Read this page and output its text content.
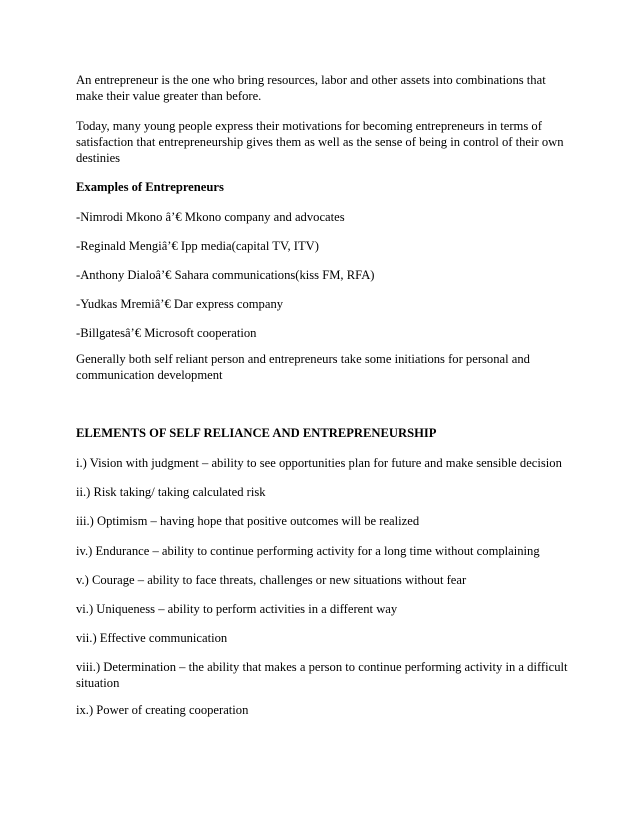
An entrepreneur is the one who bring resources, labor and other assets into combinations that make their value greater than before.

Today, many young people express their motivations for becoming entrepreneurs in terms of satisfaction that entrepreneurship gives them as well as the sense of being in control of their own destinies

Examples of Entrepreneurs

-Nimrodi Mkono â’€ Mkono company and advocates

-Reginald Mengiâ’€ Ipp media(capital TV, ITV)

-Anthony Dialoâ’€ Sahara communications(kiss FM, RFA)

-Yudkas Mremiâ’€ Dar express company

-Billgatesâ’€ Microsoft cooperation

Generally both self reliant person and entrepreneurs take some initiations for personal and communication development

ELEMENTS OF SELF RELIANCE AND ENTREPRENEURSHIP

i.) Vision with judgment – ability to see opportunities plan for future and make sensible decision

ii.) Risk taking/ taking calculated risk

iii.) Optimism – having hope that positive outcomes will be realized

iv.) Endurance – ability to continue performing activity for a long time without complaining

v.) Courage – ability to face threats, challenges or new situations without fear

vi.) Uniqueness – ability to perform activities in a different way

vii.) Effective communication

viii.) Determination – the ability that makes a person to continue performing activity in a difficult situation

ix.) Power of creating cooperation
